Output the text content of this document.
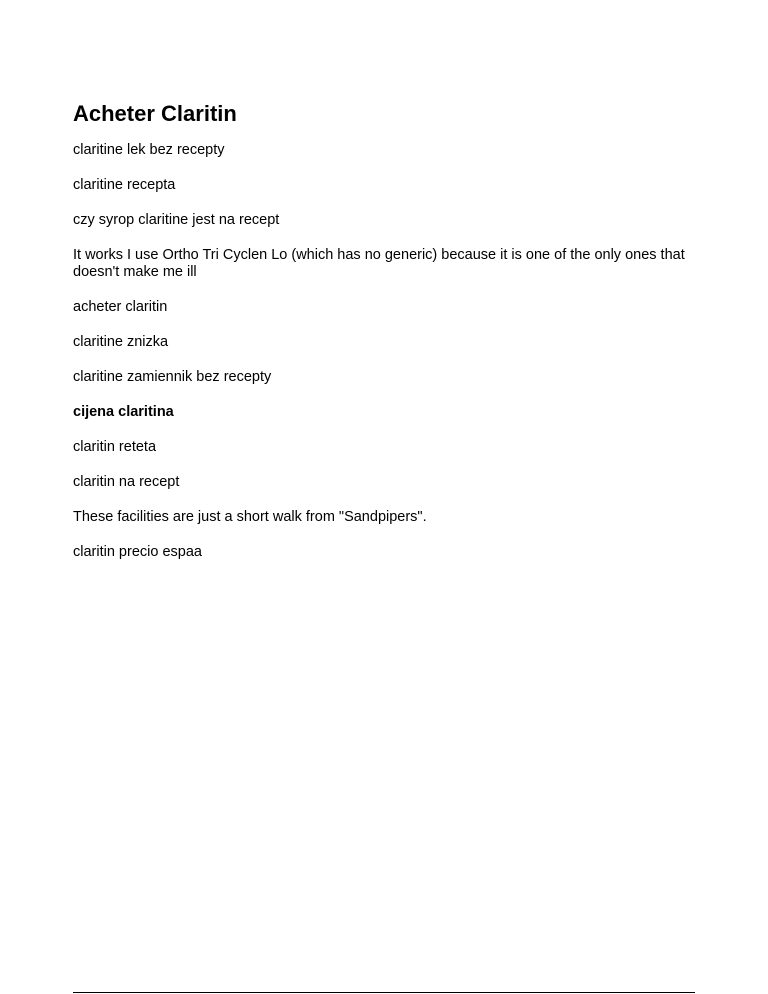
Acheter Claritin

claritine lek bez recepty

claritine recepta

czy syrop claritine jest na recept

It works I use Ortho Tri Cyclen Lo (which has no generic) because it is one of the only ones that doesn't make me ill

acheter claritin

claritine znizka

claritine zamiennik bez recepty

cijena claritina

claritin reteta

claritin na recept

These facilities are just a short walk from "Sandpipers".

claritin precio espaa
